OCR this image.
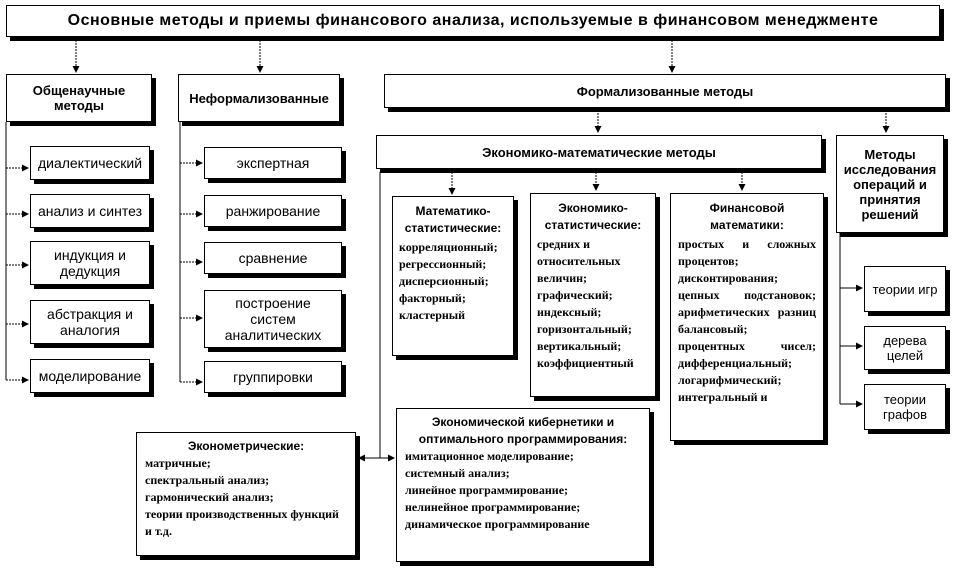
Основные методы и приемы финансового анализа, используемые в финансовом менеджменте
Общенаучные методы
диалектический
анализ и синтез
индукция и дедукция
абстракция и аналогия
моделирование
Неформализованные
экспертная
ранжирование
сравнение
построение систем аналитических
группировки
Формализованные методы
Экономико-математические методы	Методы исследования операций и принятия решений
Математико-статистические:
корреляционный; регрессионный; дисперсионный; факторный; кластерный
Экономико-статистические:
средних и относительных величин; графический; индексный; горизонтальный; вертикальный; коэффициентный
Финансовой математики:
простых и сложных процентов; дисконтирования; цепных подстановок; арифметических разниц балансовый; процентных чисел; дифференциальный; логарифмический; интегральный и
теории игр
дерева целей
теории графов
Экономической кибернетики и оптимального программирования:
имитационное моделирование;
системный анализ;
линейное программирование;
нелинейное программирование;
динамическое программирование
Эконометрические:
матричные;
спектральный анализ;
гармонический анализ;
теории производственных функций
и т.д.
